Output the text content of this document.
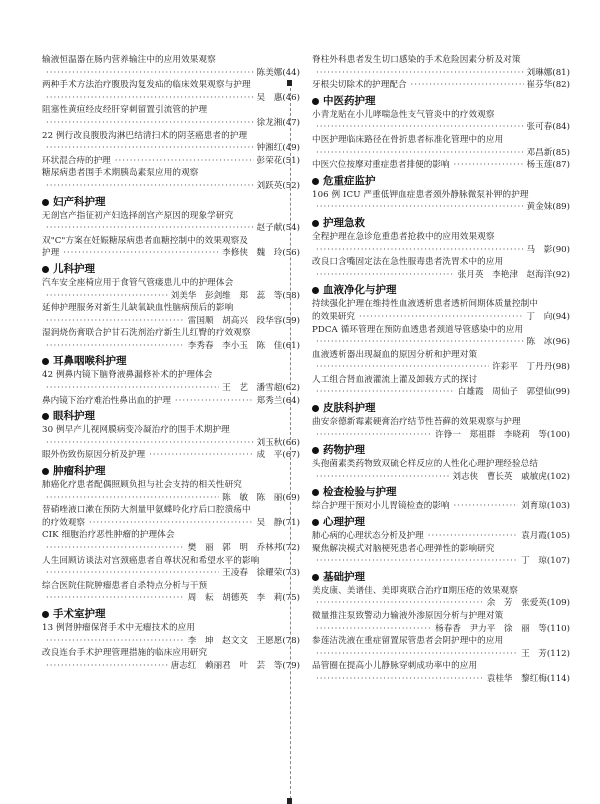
输液恒温器在肠内营养输注中的应用效果观察
·····
陈美娜 (44)
两种手术方法治疗腹股沟复发疝的临床效果观察与护理
·····
吴　惠 (46)
阻塞性黄疸经皮经肝穿刺留置引流管的护理
·····
徐龙湘 (47)
22 例行改良腹股沟淋巴结清扫术的阴茎癌患者的护理
·····
钟湘红 (49)
环状混合痔的护理 ·····	彭荣花 (51)
糖尿病患者围手术期胰岛素泵应用的观察
·····
刘跃英 (52)
妇产科护理
无剖宫产指征初产妇选择剖宫产原因的现象学研究
·····
赵子献 (54)
双"C"方案在妊娠糖尿病患者血糖控制中的效果观察及
护理 ·····	李修侠　魏　玲 (56)
儿科护理
汽车安全座椅应用于食管气管瘘患儿中的护理体会
·····
刘美华　彭剑维　郑　蕊　等 (58)
延伸护理服务对新生儿缺氧缺血性脑病预后的影响
·····
雷国顺　胡高兴　段华容 (59)
湿润烧伤膏联合护甘石洗剂治疗新生儿红臀的疗效观察
·····
李秀春　李小玉　陈　佳 (61)
耳鼻咽喉科护理
42 例鼻内镜下脑脊液鼻漏修补术的护理体会
·····
王　艺　潘雪超 (62)
鼻内镜下治疗难治性鼻出血的护理 ·····	郑秀兰 (64)
眼科护理
30 例早产儿视网膜病变冷凝治疗的围手术期护理
·····
刘玉秋 (66)
眼外伤致伤原因分析及护理 ·····	成　平 (67)
肿瘤科护理
肺癌化疗患者配偶照顾负担与社会支持的相关性研究
·····
陈　敏　陈　丽 (69)
替硝唑液口漱在预防大剂量甲氨蝶呤化疗后口腔溃疡中
的疗效观察 ·····	吴　静 (71)
CIK 细胞治疗恶性肿瘤的护理体会
·····
樊　丽　郭　明　乔林邦 (72)
人生回顾访谈法对宫颈癌患者自尊状况和希望水平的影响
·····
王凌春　徐耀荣 (73)
综合医院住院肿瘤患者自杀特点分析与干预
·····
周　耘　胡德英　李　莉 (75)
手术室护理
13 例肾肿瘤保肾手术中无瘤技术的应用
·····
李　坤　赵文文　王愿愿 (78)
改良连台手术护理管理措施的临床应用研究
·····
唐志红　赖丽君　叶　芸　等 (79)
脊柱外科患者发生切口感染的手术危险因素分析及对策
·····
刘琳娜 (81)
牙根尖切除术的护理配合 ·····	崔芬华 (82)
中医药护理
小青龙贴在小儿哮喘急性支气管炎中的疗效观察
·····
张可春 (84)
中医护理临床路径在骨折患者标准化管理中的应用
·····
邓昌新 (85)
中医穴位按摩对重症患者排便的影响 ·····	杨玉莲 (87)
危重症监护
106 例 ICU 严重低钾血症患者颈外静脉微泵补钾的护理
·····
黄金妹 (89)
护理急救
全程护理在急诊危重患者抢救中的应用效果观察
·····
马　影 (90)
改良口含嘴固定法在急性服毒患者洗胃术中的应用
·····
张月英　李艳津　赵海洋 (92)
血液净化与护理
持续强化护理在维持性血液透析患者透析间期体质量控制中
的效果研究 ·····	丁　向 (94)
PDCA 循环管理在预防血透患者颈道导管感染中的应用
·····
陈　冰 (96)
血液透析器出现凝血的原因分析和护理对策
·····
许彩平　丁丹丹 (98)
人工组合肾血液灌流上灌及卸载方式的探讨
·····
白雄霞　周仙子　郭望仙 (99)
皮肤科护理
曲安奈德新霉素硬膏治疗结节性苔藓的效果观察与护理
·····
许铮一　郑祖群　李晓莉　等 (100)
药物护理
头孢菌素类药物致双硫仑样反应的人性化心理护理经验总结
·····
刘志侠　曹长英　戚敏虎 (102)
检查检验与护理
综合护理干预对小儿胃镜检查的影响 ·····	刘育琼 (103)
心理护理
肺心病的心理状态分析及护理 ·····	袁月霞 (105)
聚焦解决模式对脑梗死患者心理弹性的影响研究
·····
丁　琼 (107)
基础护理
美皮康、美谱佳、美即爽联合治疗Ⅱ期压疮的效果观察
·····
余　芳　张爱英 (109)
微量推注泵致警动力输液外渗原因分析与护理对策
·····
杨春香　尹力平　徐　丽　等 (110)
参莲洁洗液在重症留置尿管患者会阴护理中的应用
·····
王　芳 (112)
品管圈在提高小儿静脉穿刺成功率中的应用
·····
袁桂华　黎红梅 (114)
